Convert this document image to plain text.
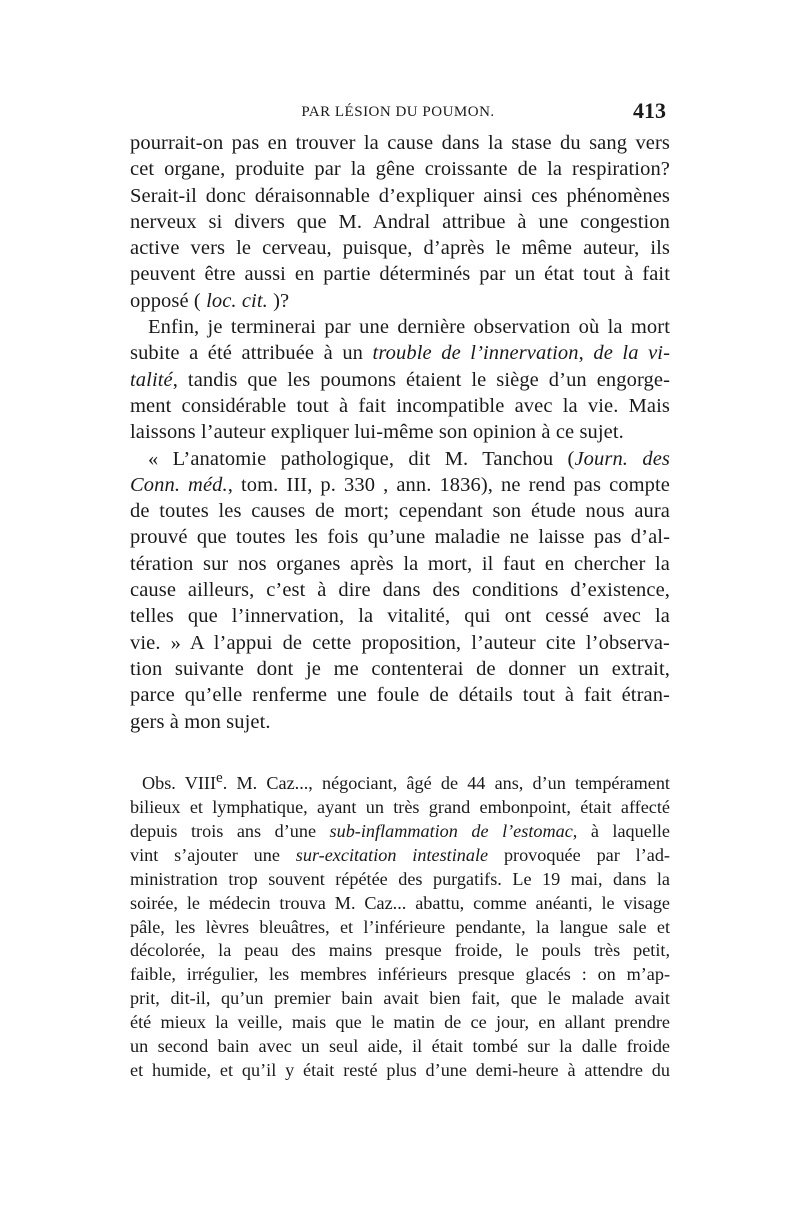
PAR LÉSION DU POUMON.	413
pourrait-on pas en trouver la cause dans la stase du sang vers
cet organe, produite par la gêne croissante de la respiration?
Serait-il donc déraisonnable d’expliquer ainsi ces phénomènes
nerveux si divers que M. Andral attribue à une congestion
active vers le cerveau, puisque, d’après le même auteur, ils
peuvent être aussi en partie déterminés par un état tout à fait
opposé ( loc. cit. )?
Enfin, je terminerai par une dernière observation où la mort
subite a été attribuée à un trouble de l’innervation, de la vi-
talité, tandis que les poumons étaient le siège d’un engorge-
ment considérable tout à fait incompatible avec la vie. Mais
laissons l’auteur expliquer lui-même son opinion à ce sujet.
« L’anatomie pathologique, dit M. Tanchou (Journ. des
Conn. méd., tom. III, p. 330 , ann. 1836), ne rend pas compte
de toutes les causes de mort; cependant son étude nous aura
prouvé que toutes les fois qu’une maladie ne laisse pas d’al-
tération sur nos organes après la mort, il faut en chercher la
cause ailleurs, c’est à dire dans des conditions d’existence,
telles que l’innervation, la vitalité, qui ont cessé avec la
vie. » A l’appui de cette proposition, l’auteur cite l’observa-
tion suivante dont je me contenterai de donner un extrait,
parce qu’elle renferme une foule de détails tout à fait étran-
gers à mon sujet.
Obs. VIIIe. M. Caz..., négociant, âgé de 44 ans, d’un tempérament
bilieux et lymphatique, ayant un très grand embonpoint, était affecté
depuis trois ans d’une sub-inflammation de l’estomac, à laquelle
vint s’ajouter une sur-excitation intestinale provoquée par l’ad-
ministration trop souvent répétée des purgatifs. Le 19 mai, dans la
soirée, le médecin trouva M. Caz... abattu, comme anéanti, le visage
pâle, les lèvres bleuâtres, et l’inférieure pendante, la langue sale et
décolorée, la peau des mains presque froide, le pouls très petit,
faible, irrégulier, les membres inférieurs presque glacés : on m’ap-
prit, dit-il, qu’un premier bain avait bien fait, que le malade avait
été mieux la veille, mais que le matin de ce jour, en allant prendre
un second bain avec un seul aide, il était tombé sur la dalle froide
et humide, et qu’il y était resté plus d’une demi-heure à attendre du
